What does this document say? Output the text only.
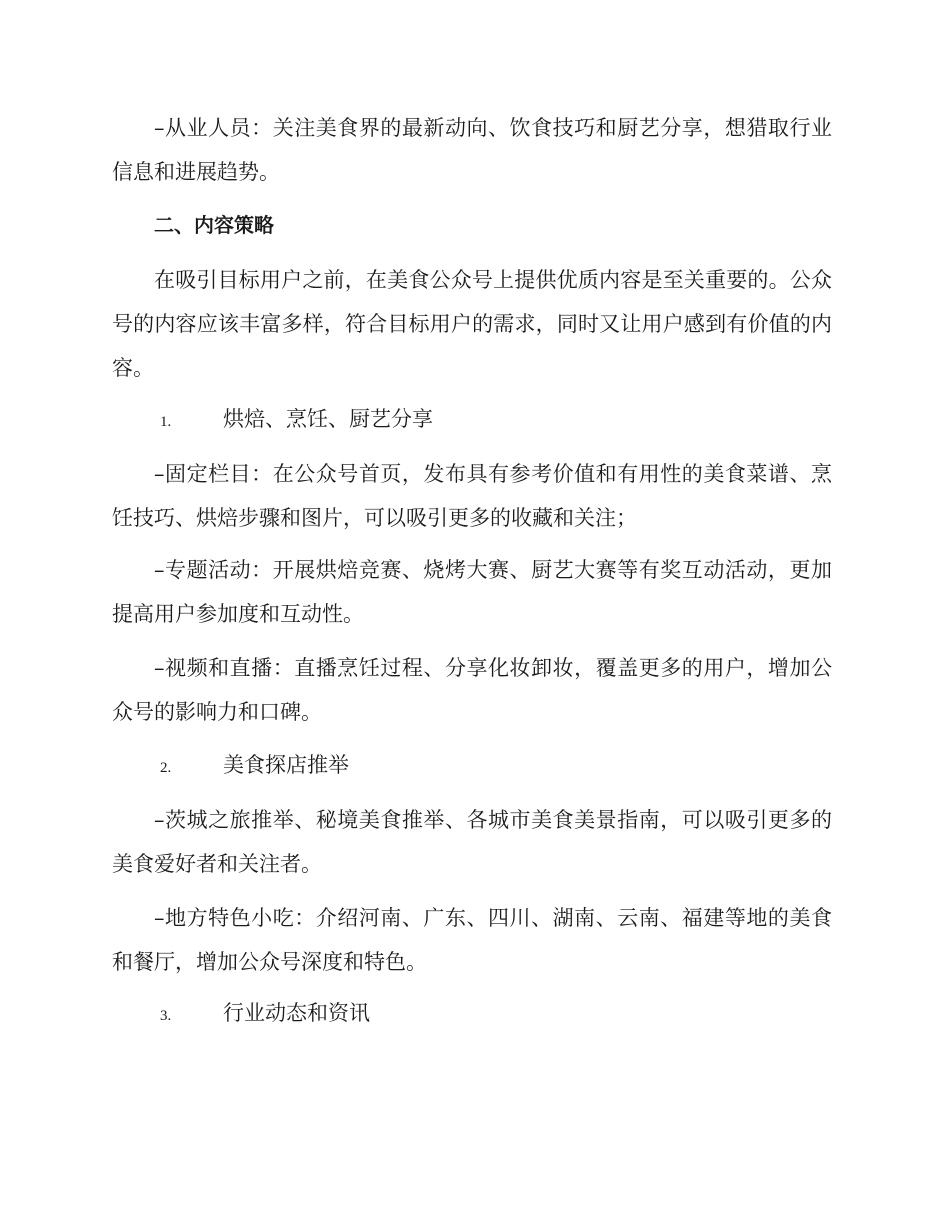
–从业人员：关注美食界的最新动向、饮食技巧和厨艺分享，想猎取行业信息和进展趋势。

二、内容策略

在吸引目标用户之前，在美食公众号上提供优质内容是至关重要的。公众号的内容应该丰富多样，符合目标用户的需求，同时又让用户感到有价值的内容。

1. 烘焙、烹饪、厨艺分享

–固定栏目：在公众号首页，发布具有参考价值和有用性的美食菜谱、烹饪技巧、烘焙步骤和图片，可以吸引更多的收藏和关注；

–专题活动：开展烘焙竞赛、烧烤大赛、厨艺大赛等有奖互动活动，更加提高用户参加度和互动性。

–视频和直播：直播烹饪过程、分享化妆卸妆，覆盖更多的用户，增加公众号的影响力和口碑。

2. 美食探店推举

–茨城之旅推举、秘境美食推举、各城市美食美景指南，可以吸引更多的美食爱好者和关注者。

–地方特色小吃：介绍河南、广东、四川、湖南、云南、福建等地的美食和餐厅，增加公众号深度和特色。

3. 行业动态和资讯
